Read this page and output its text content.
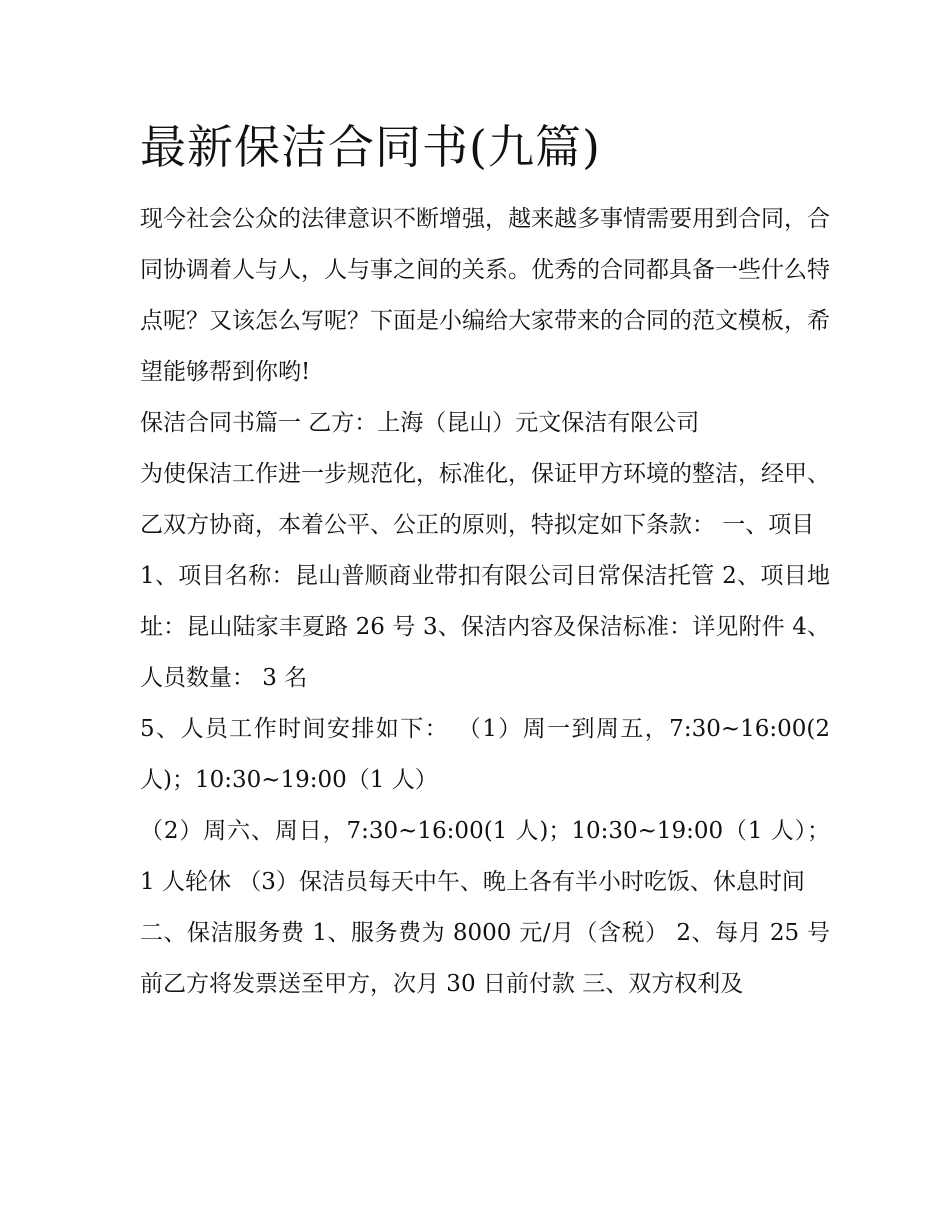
最新保洁合同书(九篇)

现今社会公众的法律意识不断增强，越来越多事情需要用到合同，合同协调着人与人，人与事之间的关系。优秀的合同都具备一些什么特点呢？又该怎么写呢？下面是小编给大家带来的合同的范文模板，希望能够帮到你哟!

保洁合同书篇一 乙方：上海（昆山）元文保洁有限公司

为使保洁工作进一步规范化，标准化，保证甲方环境的整洁，经甲、乙双方协商，本着公平、公正的原则，特拟定如下条款： 一、项目

1、项目名称：昆山普顺商业带扣有限公司日常保洁托管 2、项目地址：昆山陆家丰夏路 26 号 3、保洁内容及保洁标准：详见附件 4、人员数量： 3 名

5、人员工作时间安排如下： （1）周一到周五，7:30~16:00(2 人)；10:30~19:00（1 人）

（2）周六、周日，7:30~16:00(1 人)；10:30~19:00（1 人）； 1 人轮休 （3）保洁员每天中午、晚上各有半小时吃饭、休息时间

二、保洁服务费 1、服务费为 8000 元/月（含税） 2、每月 25 号前乙方将发票送至甲方，次月 30 日前付款 三、双方权利及
